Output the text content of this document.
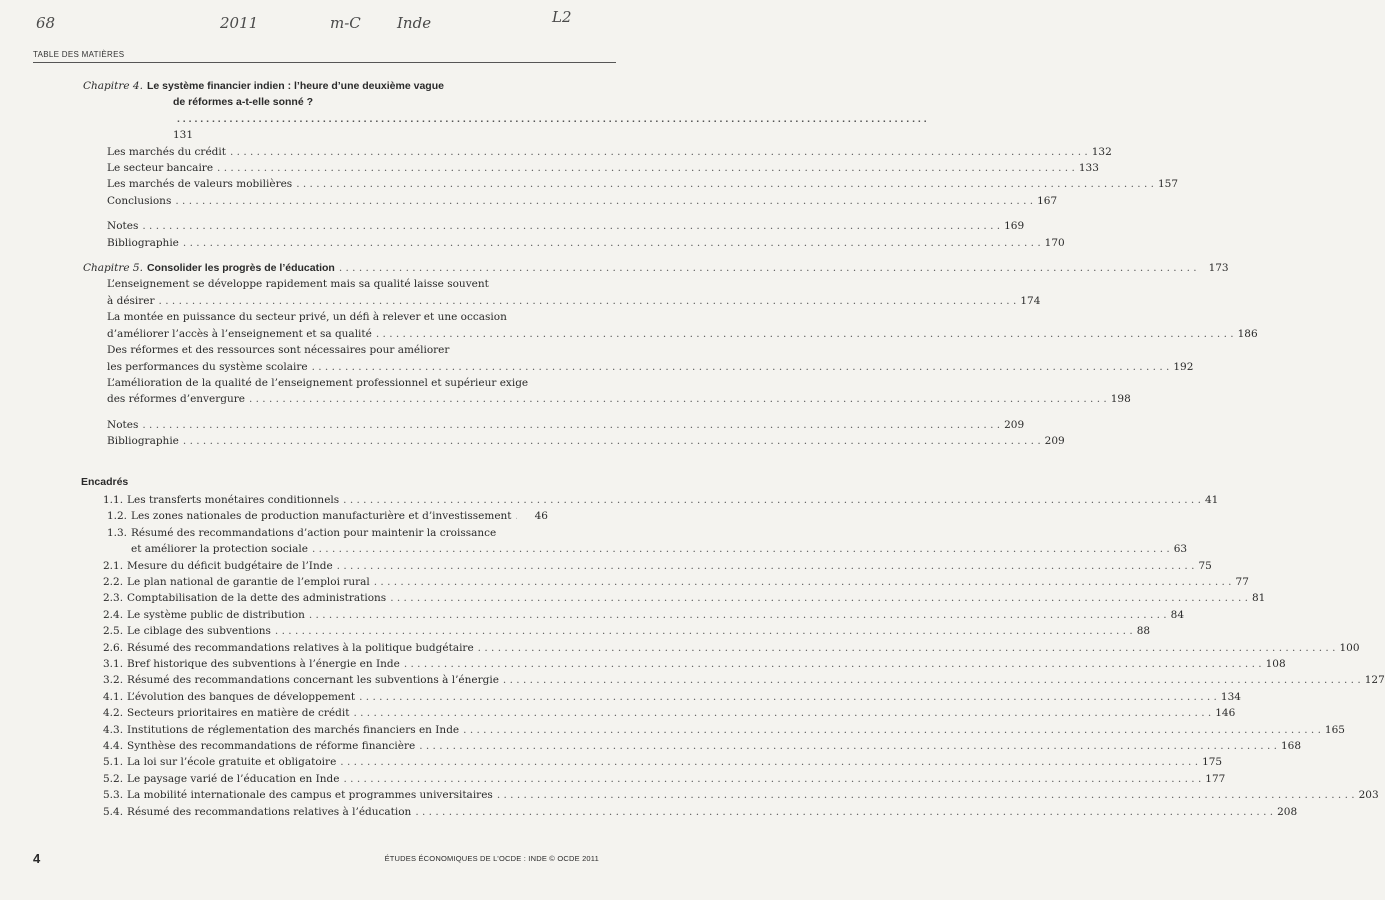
68	2011	m-C Inde	L2
TABLE DES MATIÈRES
Chapitre 4. Le système financier indien : l’heure d’une deuxième vague
de réformes a-t-elle sonné ? . . . 131
Les marchés du crédit . . .	132
Le secteur bancaire . . .	133
Les marchés de valeurs mobilières . . .	157
Conclusions . . .	167
Notes . . .	169
Bibliographie . . .	170
Chapitre 5. Consolider les progrès de l’éducation . . .	173
L’enseignement se développe rapidement mais sa qualité laisse souvent
à désirer . . .	174
La montée en puissance du secteur privé, un défi à relever et une occasion
d’améliorer l’accès à l’enseignement et sa qualité . . .	186
Des réformes et des ressources sont nécessaires pour améliorer
les performances du système scolaire . . .	192
L’amélioration de la qualité de l’enseignement professionnel et supérieur exige
des réformes d’envergure . . .	198
Notes . . .	209
Bibliographie . . .	209
Encadrés
1.1. Les transferts monétaires conditionnels . . .	41
1.2. Les zones nationales de production manufacturière et d’investissement . . .	46
1.3. Résumé des recommandations d’action pour maintenir la croissance
et améliorer la protection sociale . . .	63
2.1. Mesure du déficit budgétaire de l’Inde . . .	75
2.2. Le plan national de garantie de l’emploi rural . . .	77
2.3. Comptabilisation de la dette des administrations . . .	81
2.4. Le système public de distribution . . .	84
2.5. Le ciblage des subventions . . .	88
2.6. Résumé des recommandations relatives à la politique budgétaire . . .	100
3.1. Bref historique des subventions à l’énergie en Inde . . .	108
3.2. Résumé des recommandations concernant les subventions à l’énergie . . .	127
4.1. L’évolution des banques de développement . . .	134
4.2. Secteurs prioritaires en matière de crédit . . .	146
4.3. Institutions de réglementation des marchés financiers en Inde . . .	165
4.4. Synthèse des recommandations de réforme financière . . .	168
5.1. La loi sur l’école gratuite et obligatoire . . .	175
5.2. Le paysage varié de l’éducation en Inde . . .	177
5.3. La mobilité internationale des campus et programmes universitaires . . .	203
5.4. Résumé des recommandations relatives à l’éducation . . .	208
4	ÉTUDES ÉCONOMIQUES DE L’OCDE : INDE © OCDE 2011
